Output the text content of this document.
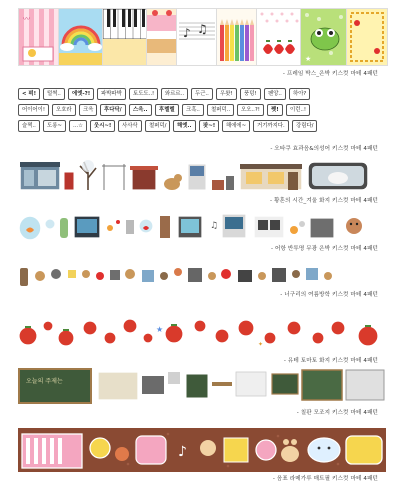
〰
♪ ♫
★
- 프레임 박스_은박 키스컷 마테 4패턴
< 퍽!	털썩..	에엣-?!	파박파박	토도도..!	와르르..	두근..	우왓!	풍덩!	펜앙..	하아?
어이어이!	오호라	크윽	후다닥/	스윽..	후렐렐	크흑..	철퍼덕..	오오..?!	쨋!	이런..!
슬쩍..	도롱~	...☆	웃시~!	사사삭	철퍼덕/	해엣..	팟~!	해에에~	거기까지다.	강림다/
- 오타쿠 효과음&의성어 키스컷 마테 4패턴
- 황혼의 시간_겨울 화지 키스컷 마테 4패턴
♫
- 어항 반투명 무광 은박 키스컷 마테 4패턴
- 너구리의 여름방학 키스컷 마테 4패턴
★
✦
- 유테 토마토 화지 키스컷 마테 4패턴
오늘의 주제는
- 칠판 모조지 키스컷 마테 4패턴
♪
- 음표 라메가루 매트필 키스컷 마테 4패턴
